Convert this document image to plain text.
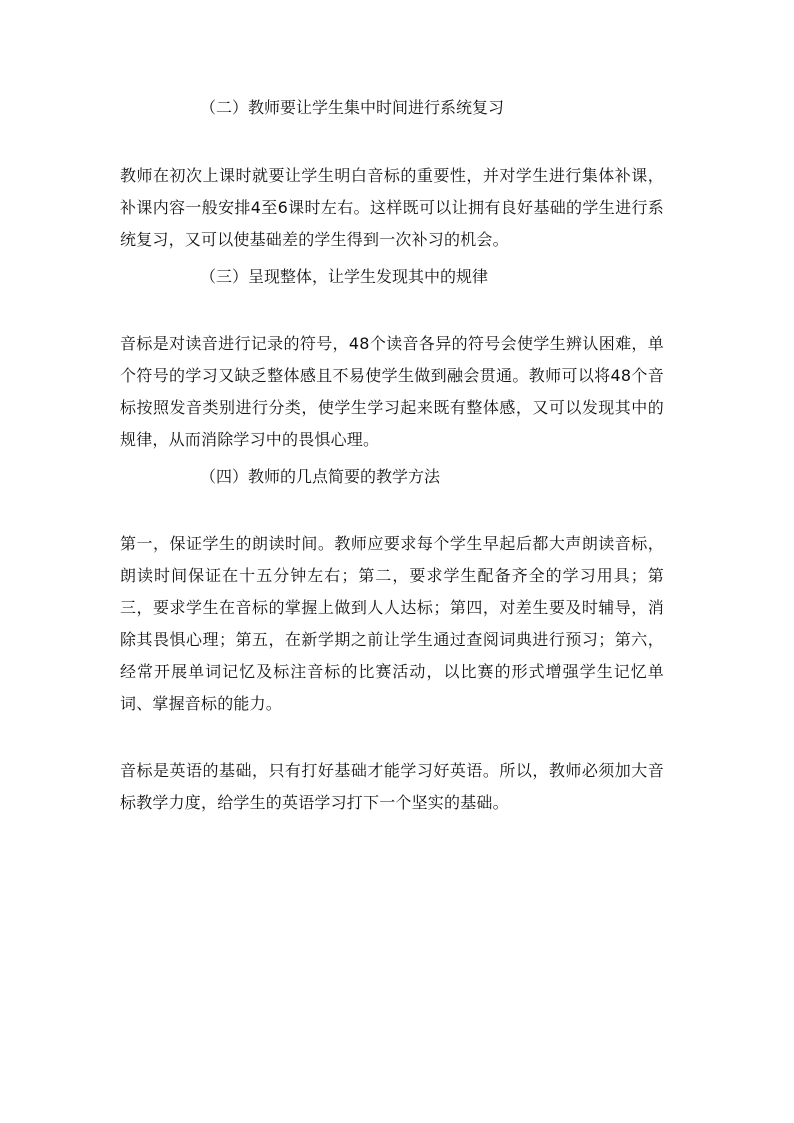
（二）教师要让学生集中时间进行系统复习
教师在初次上课时就要让学生明白音标的重要性，并对学生进行集体补课，补课内容一般安排4至6课时左右。这样既可以让拥有良好基础的学生进行系统复习，又可以使基础差的学生得到一次补习的机会。
（三）呈现整体，让学生发现其中的规律
音标是对读音进行记录的符号，48个读音各异的符号会使学生辨认困难，单个符号的学习又缺乏整体感且不易使学生做到融会贯通。教师可以将48个音标按照发音类别进行分类，使学生学习起来既有整体感，又可以发现其中的规律，从而消除学习中的畏惧心理。
（四）教师的几点简要的教学方法
第一，保证学生的朗读时间。教师应要求每个学生早起后都大声朗读音标，朗读时间保证在十五分钟左右；第二，要求学生配备齐全的学习用具；第三，要求学生在音标的掌握上做到人人达标；第四，对差生要及时辅导，消除其畏惧心理；第五，在新学期之前让学生通过查阅词典进行预习；第六，经常开展单词记忆及标注音标的比赛活动，以比赛的形式增强学生记忆单词、掌握音标的能力。
音标是英语的基础，只有打好基础才能学习好英语。所以，教师必须加大音标教学力度，给学生的英语学习打下一个坚实的基础。
